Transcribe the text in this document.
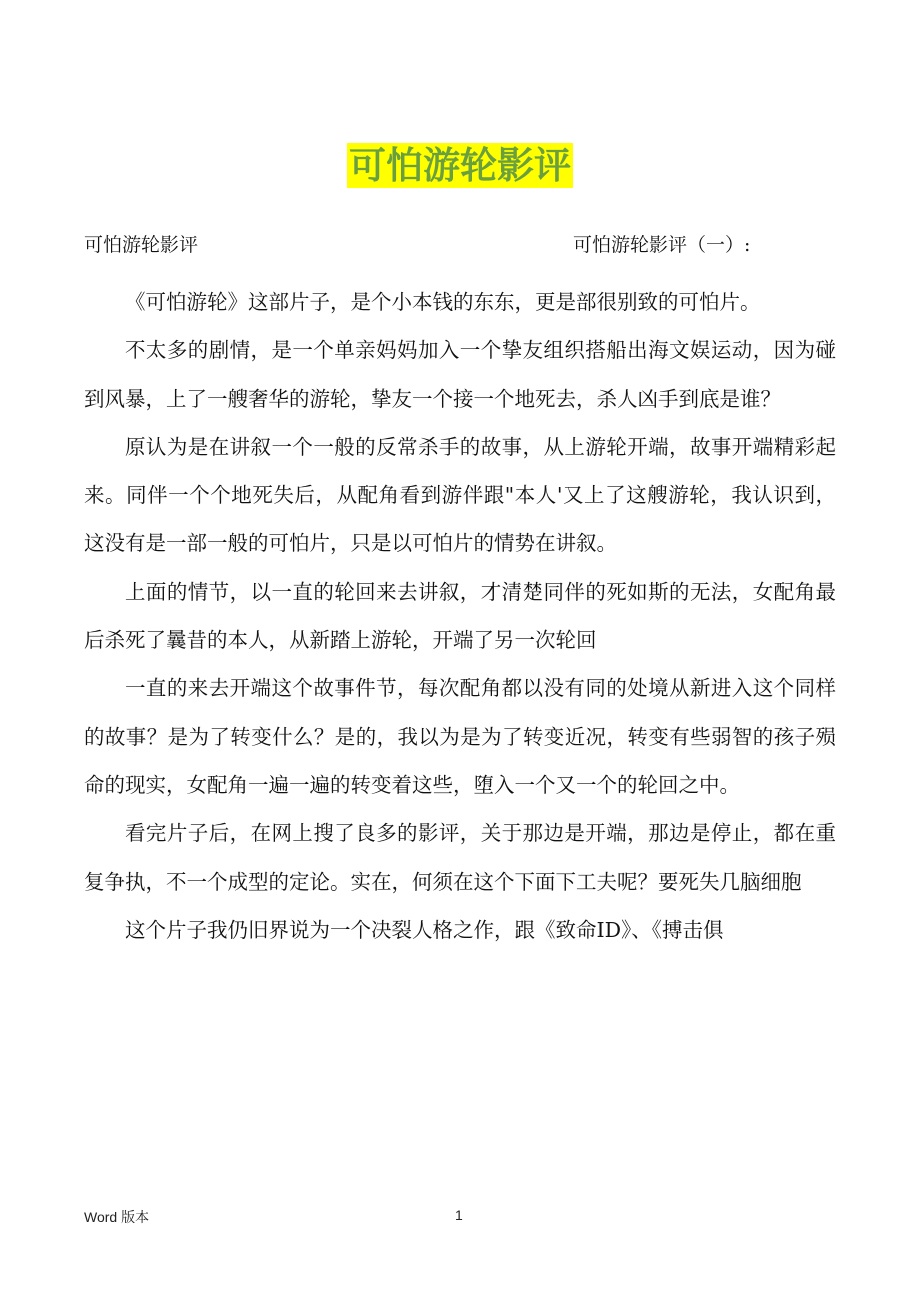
可怕游轮影评
可怕游轮影评	可怕游轮影评（一）:

《可怕游轮》这部片子，是个小本钱的东东，更是部很别致的可怕片。

不太多的剧情，是一个单亲妈妈加入一个挚友组织搭船出海文娱运动，因为碰到风暴，上了一艘奢华的游轮，挚友一个接一个地死去，杀人凶手到底是谁？

原认为是在讲叙一个一般的反常杀手的故事，从上游轮开端，故事开端精彩起来。同伴一个个地死失后，从配角看到游伴跟"本人'又上了这艘游轮，我认识到，这没有是一部一般的可怕片，只是以可怕片的情势在讲叙。

上面的情节，以一直的轮回来去讲叙，才清楚同伴的死如斯的无法，女配角最后杀死了曩昔的本人，从新踏上游轮，开端了另一次轮回

一直的来去开端这个故事件节，每次配角都以没有同的处境从新进入这个同样的故事？是为了转变什么？是的，我以为是为了转变近况，转变有些弱智的孩子殒命的现实，女配角一遍一遍的转变着这些，堕入一个又一个的轮回之中。

看完片子后，在网上搜了良多的影评，关于那边是开端，那边是停止，都在重复争执，不一个成型的定论。实在，何须在这个下面下工夫呢？要死失几脑细胞

这个片子我仍旧界说为一个决裂人格之作，跟《致命ID》、《搏击俱

Word 版本	1
